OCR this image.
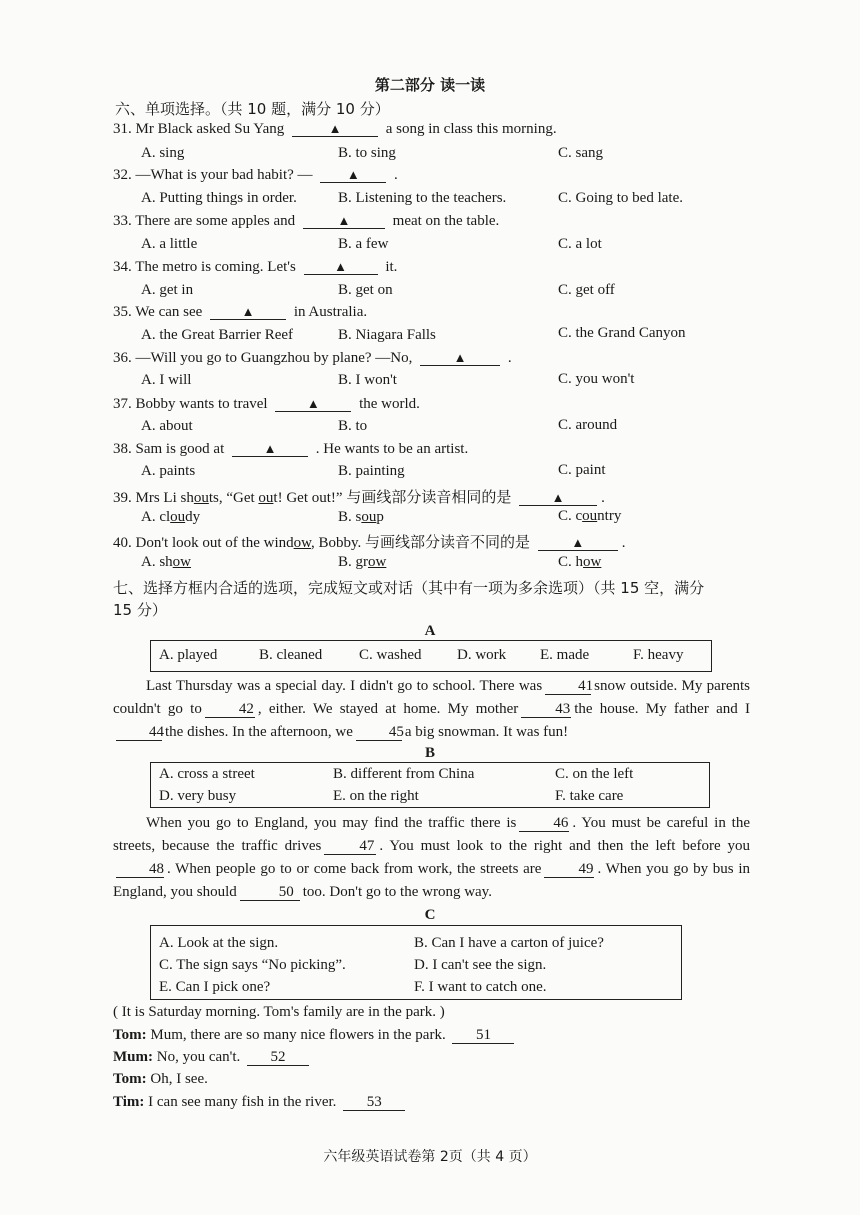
第二部分 读一读
六、单项选择。（共 10 题，满分 10 分）
31. Mr Black asked Su Yang	▲	a song in class this morning.
A. sing	B. to sing	C. sang
32. —What is your bad habit? —	▲ .
A. Putting things in order.	B. Listening to the teachers.	C. Going to bed late.
33. There are some apples and	▲	meat on the table.
A. a little	B. a few	C. a lot
34. The metro is coming. Let's	▲	it.
A. get in	B. get on	C. get off
35. We can see	▲	in Australia.
A. the Great Barrier Reef	B. Niagara Falls	C. the Grand Canyon
36. —Will you go to Guangzhou by plane? —No,	▲	.
A. I will	B. I won't	C. you won't
37. Bobby wants to travel	▲	the world.
A. about	B. to	C. around
38. Sam is good at	▲	. He wants to be an artist.
A. paints	B. painting	C. paint
39. Mrs Li shouts, “Get out! Get out!” 与画线部分读音相同的是	▲ .
A. cloudy	B. soup	C. country
40. Don't look out of the window, Bobby. 与画线部分读音不同的是	▲	.
A. show	B. grow	C. how
七、选择方框内合适的选项，完成短文或对话（其中有一项为多余选项）（共 15 空，满分
15 分）
A
A. played	B. cleaned C. washed D. work E. made	F. heavy
Last Thursday was a special day. I didn't go to school. There was 41snow outside. My parents couldn't go to 42 , either. We stayed at home. My mother 43 the house. My father and I44the dishes. In the afternoon, we 45a big snowman. It was fun!
B
A. cross a street	B. different from China	C. on the left
D. very busy	E. on the right	F. take care
When you go to England, you may find the traffic there is 46 . You must be careful in the streets, because the traffic drives	47 . You must look to the right and then the left before you48 . When people go to or come back from work, the streets are 49 . When you go by bus in England, you should	50 too. Don't go to the wrong way.
C
A. Look at the sign.	B. Can I have a carton of juice?
C. The sign says “No picking”.	D. I can't see the sign.
E. Can I pick one?	F. I want to catch one.
( It is Saturday morning. Tom's family are in the park. )
Tom: Mum, there are so many nice flowers in the park. 51
Mum: No, you can't. 52
Tom: Oh, I see.
Tim: I can see many fish in the river. 53
六年级英语试卷第 2页（共 4 页）
